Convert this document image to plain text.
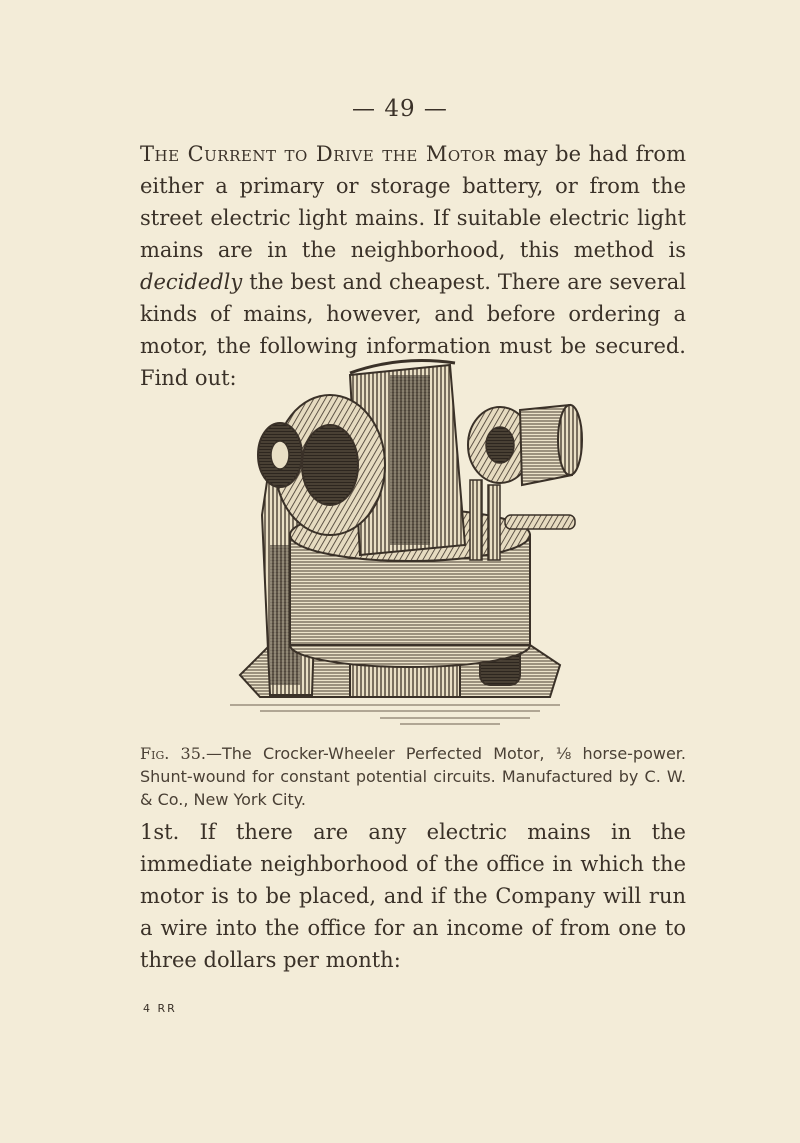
— 49 —
The Current to Drive the Motor may be had from either a primary or storage battery, or from the street electric light mains. If suitable electric light mains are in the neighborhood, this method is decidedly the best and cheapest. There are several kinds of mains, however, and before ordering a motor, the following information must be secured. Find out:
Fig. 35.—The Crocker-Wheeler Perfected Motor, ⅛ horse-power. Shunt-wound for constant potential circuits. Manufactured by C. W. & Co., New York City.
1st. If there are any electric mains in the immediate neighborhood of the office in which the motor is to be placed, and if the Company will run a wire into the office for an income of from one to three dollars per month:
4 RR
